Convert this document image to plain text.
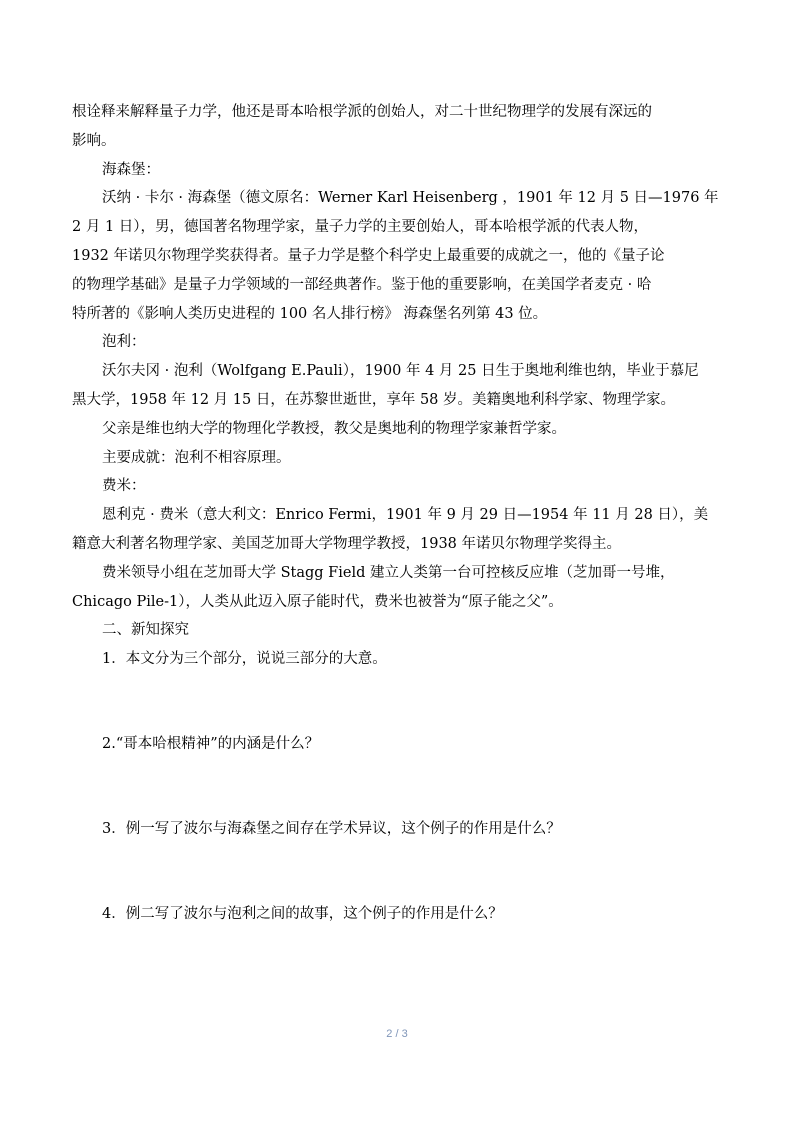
根诠释来解释量子力学，他还是哥本哈根学派的创始人，对二十世纪物理学的发展有深远的
影响。
海森堡：
沃纳 · 卡尔 · 海森堡（德文原名：Werner Karl Heisenberg ，1901 年 12 月 5 日—1976 年
2 月 1 日），男，德国著名物理学家，量子力学的主要创始人，哥本哈根学派的代表人物，
1932 年诺贝尔物理学奖获得者。量子力学是整个科学史上最重要的成就之一，他的《量子论
的物理学基础》是量子力学领域的一部经典著作。鉴于他的重要影响，在美国学者麦克 · 哈
特所著的《影响人类历史进程的 100 名人排行榜》 海森堡名列第 43 位。
泡利：
沃尔夫冈 · 泡利（Wolfgang E.Pauli），1900 年 4 月 25 日生于奥地利维也纳，毕业于慕尼
黑大学，1958 年 12 月 15 日，在苏黎世逝世，享年 58 岁。美籍奥地利科学家、物理学家。
父亲是维也纳大学的物理化学教授，教父是奥地利的物理学家兼哲学家。
主要成就：泡利不相容原理。
费米：
恩利克 · 费米（意大利文：Enrico Fermi，1901 年 9 月 29 日—1954 年 11 月 28 日），美
籍意大利著名物理学家、美国芝加哥大学物理学教授，1938 年诺贝尔物理学奖得主。
费米领导小组在芝加哥大学 Stagg Field 建立人类第一台可控核反应堆（芝加哥一号堆，
Chicago Pile-1），人类从此迈入原子能时代，费米也被誉为“原子能之父”。
二、新知探究
1．本文分为三个部分，说说三部分的大意。
2.“哥本哈根精神”的内涵是什么？
3．例一写了波尔与海森堡之间存在学术异议，这个例子的作用是什么？
4．例二写了波尔与泡利之间的故事，这个例子的作用是什么？
2 / 3
